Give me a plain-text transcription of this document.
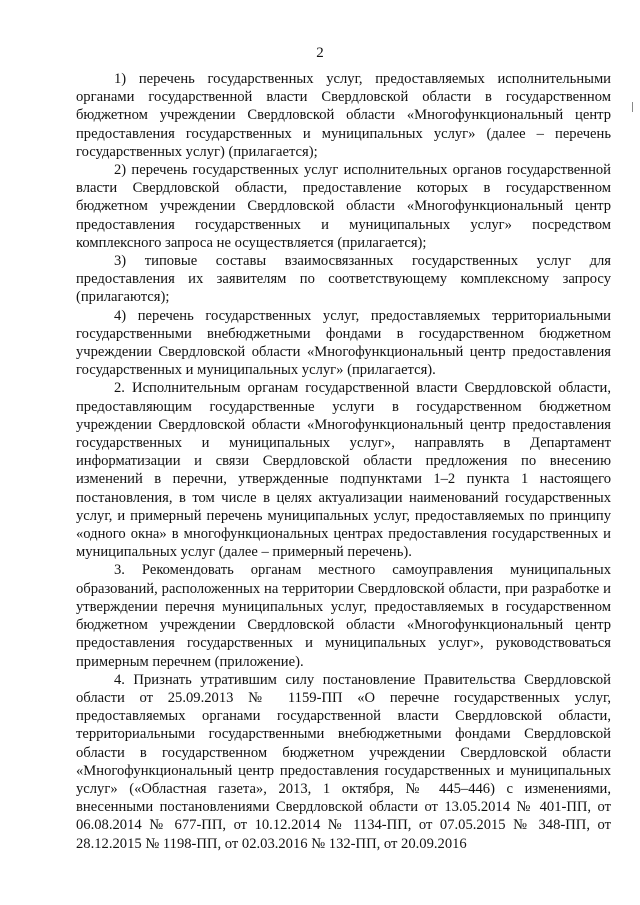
2

1) перечень государственных услуг, предоставляемых исполнительными органами государственной власти Свердловской области в государственном бюджетном учреждении Свердловской области «Многофункциональный центр предоставления государственных и муниципальных услуг» (далее – перечень государственных услуг) (прилагается);

2) перечень государственных услуг исполнительных органов государственной власти Свердловской области, предоставление которых в государственном бюджетном учреждении Свердловской области «Многофункциональный центр предоставления государственных и муниципальных услуг» посредством комплексного запроса не осуществляется (прилагается);

3) типовые составы взаимосвязанных государственных услуг для предоставления их заявителям по соответствующему комплексному запросу (прилагаются);

4) перечень государственных услуг, предоставляемых территориальными государственными внебюджетными фондами в государственном бюджетном учреждении Свердловской области «Многофункциональный центр предоставления государственных и муниципальных услуг» (прилагается).

2. Исполнительным органам государственной власти Свердловской области, предоставляющим государственные услуги в государственном бюджетном учреждении Свердловской области «Многофункциональный центр предоставления государственных и муниципальных услуг», направлять в Департамент информатизации и связи Свердловской области предложения по внесению изменений в перечни, утвержденные подпунктами 1–2 пункта 1 настоящего постановления, в том числе в целях актуализации наименований государственных услуг, и примерный перечень муниципальных услуг, предоставляемых по принципу «одного окна» в многофункциональных центрах предоставления государственных и муниципальных услуг (далее – примерный перечень).

3. Рекомендовать органам местного самоуправления муниципальных образований, расположенных на территории Свердловской области, при разработке и утверждении перечня муниципальных услуг, предоставляемых в государственном бюджетном учреждении Свердловской области «Многофункциональный центр предоставления государственных и муниципальных услуг», руководствоваться примерным перечнем (приложение).

4. Признать утратившим силу постановление Правительства Свердловской области от 25.09.2013 № 1159-ПП «О перечне государственных услуг, предоставляемых органами государственной власти Свердловской области, территориальными государственными внебюджетными фондами Свердловской области в государственном бюджетном учреждении Свердловской области «Многофункциональный центр предоставления государственных и муниципальных услуг» («Областная газета», 2013, 1 октября, № 445–446) с изменениями, внесенными постановлениями Свердловской области от 13.05.2014 № 401-ПП, от 06.08.2014 № 677-ПП, от 10.12.2014 № 1134-ПП, от 07.05.2015 № 348-ПП, от 28.12.2015 № 1198-ПП, от 02.03.2016 № 132-ПП, от 20.09.2016
